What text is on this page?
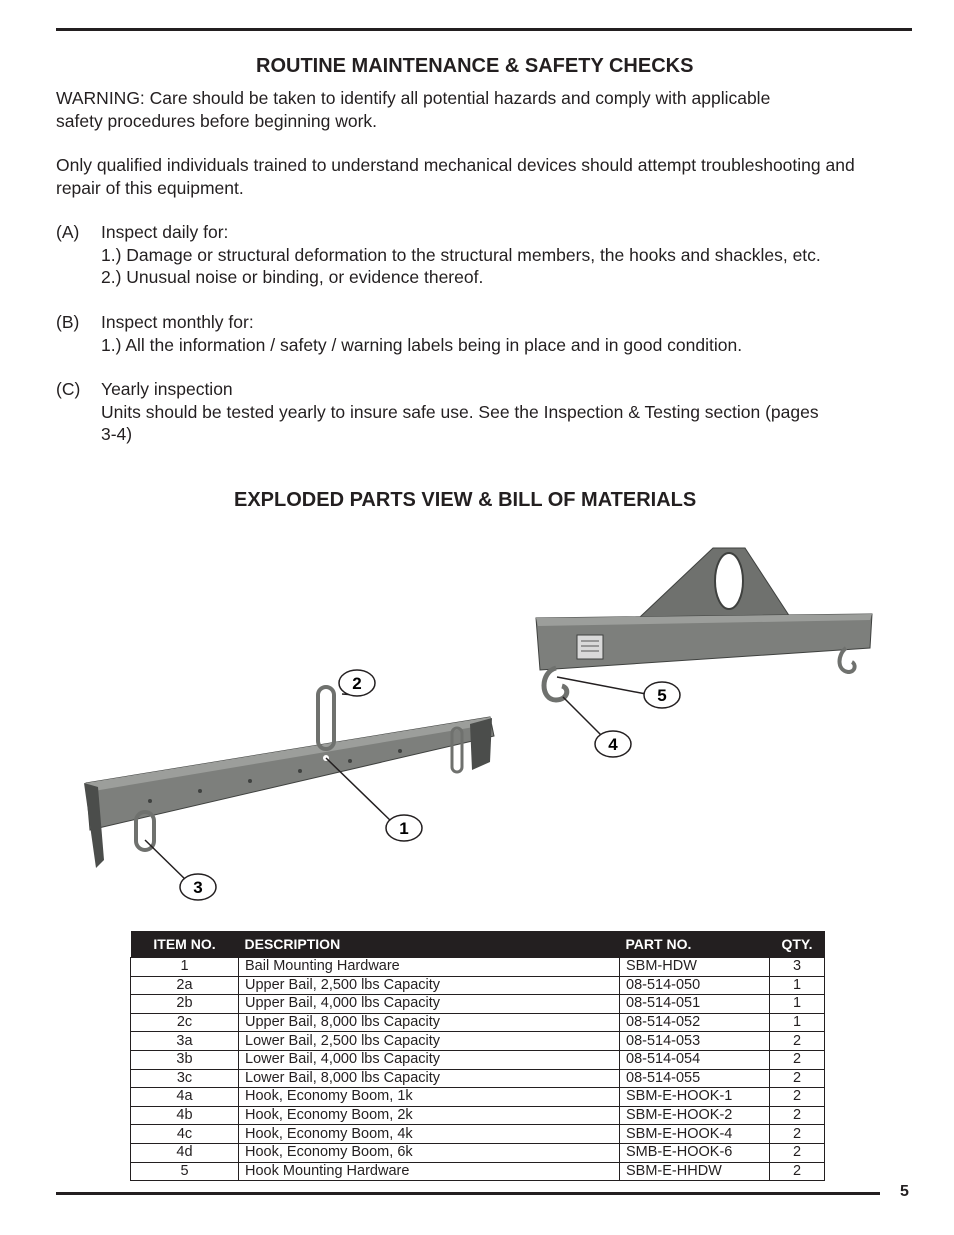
ROUTINE MAINTENANCE & SAFETY CHECKS
WARNING: Care should be taken to identify all potential hazards and comply with applicable
safety procedures before beginning work.
Only qualified individuals trained to understand mechanical devices should attempt troubleshooting and
repair of this equipment.
(A) Inspect daily for:
1.) Damage or structural deformation to the structural members, the hooks and shackles, etc.
2.) Unusual noise or binding, or evidence thereof.
(B) Inspect monthly for:
1.) All the information / safety / warning labels being in place and in good condition.
(C) Yearly inspection
Units should be tested yearly to insure safe use. See the Inspection & Testing section (pages
3-4)
EXPLODED PARTS VIEW & BILL OF MATERIALS
1
2
3
4
5
ITEM NO.	DESCRIPTION	PART NO.	QTY.
1	Bail Mounting Hardware	SBM-HDW	3
2a	Upper Bail, 2,500 lbs Capacity	08-514-050	1
2b	Upper Bail, 4,000 lbs Capacity	08-514-051	1
2c	Upper Bail, 8,000 lbs Capacity	08-514-052	1
3a	Lower Bail, 2,500 lbs Capacity	08-514-053	2
3b	Lower Bail, 4,000 lbs Capacity	08-514-054	2
3c	Lower Bail, 8,000 lbs Capacity	08-514-055	2
4a	Hook, Economy Boom, 1k	SBM-E-HOOK-1	2
4b	Hook, Economy Boom, 2k	SBM-E-HOOK-2	2
4c	Hook, Economy Boom, 4k	SBM-E-HOOK-4	2
4d	Hook, Economy Boom, 6k	SMB-E-HOOK-6	2
5	Hook Mounting Hardware	SBM-E-HHDW	2
5
